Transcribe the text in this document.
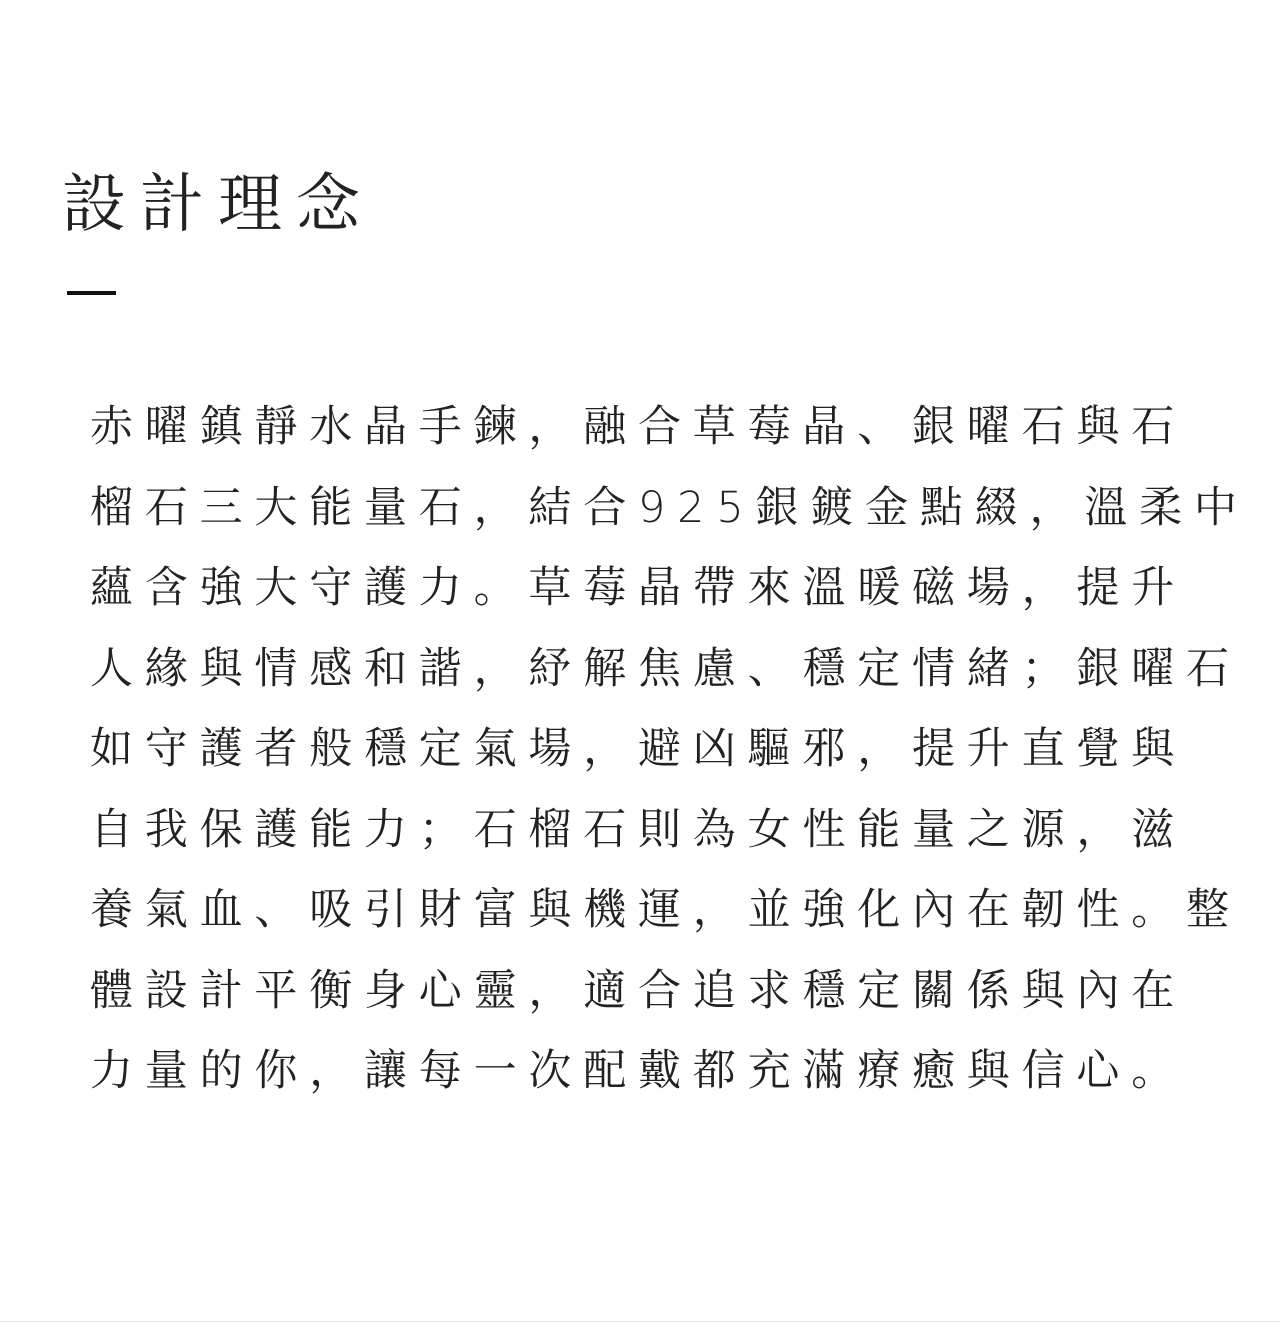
設計理念

赤曜鎮靜水晶手鍊，融合草莓晶、銀曜石與石

榴石三大能量石，結合925銀鍍金點綴，溫柔中

蘊含強大守護力。草莓晶帶來溫暖磁場，提升

人緣與情感和諧，紓解焦慮、穩定情緒；銀曜石

如守護者般穩定氣場，避凶驅邪，提升直覺與

自我保護能力；石榴石則為女性能量之源，滋

養氣血、吸引財富與機運，並強化內在韌性。整

體設計平衡身心靈，適合追求穩定關係與內在

力量的你，讓每一次配戴都充滿療癒與信心。
